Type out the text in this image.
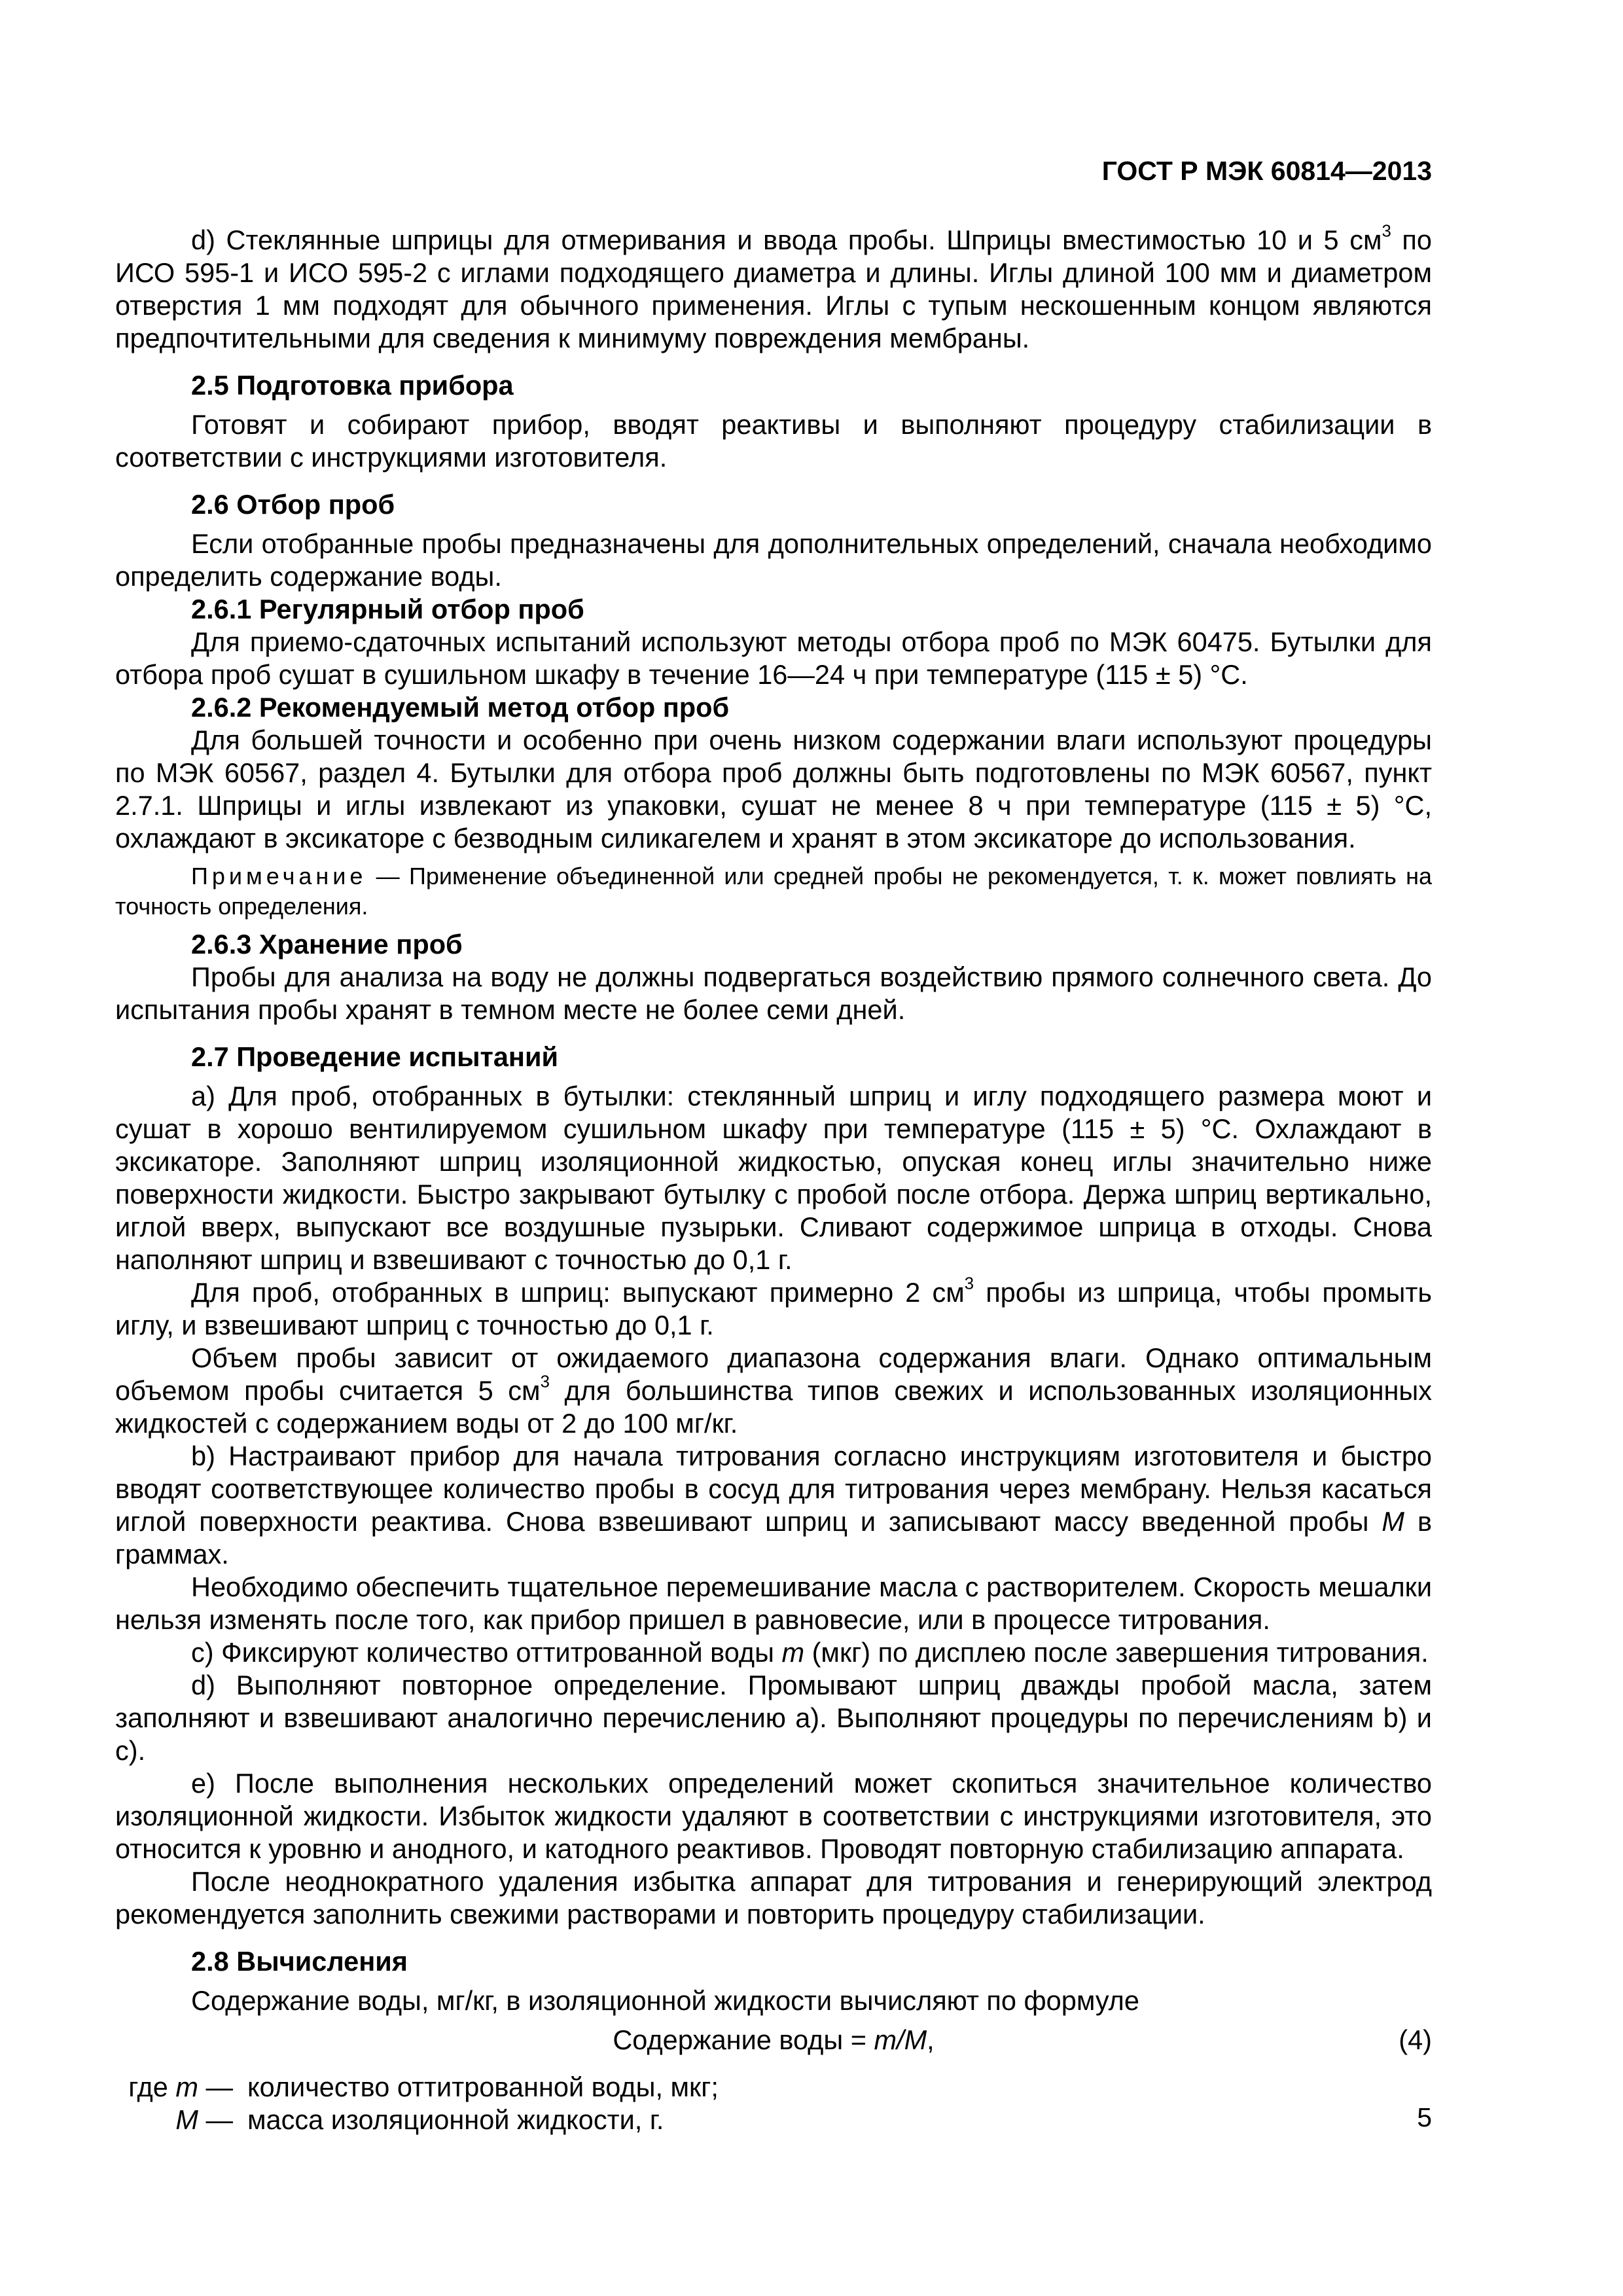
ГОСТ Р МЭК 60814—2013

d) Стеклянные шприцы для отмеривания и ввода пробы. Шприцы вместимостью 10 и 5 $см^3$ по ИСО 595-1 и ИСО 595-2 с иглами подходящего диаметра и длины. Иглы длиной 100 мм и диаметром отверстия 1 мм подходят для обычного применения. Иглы с тупым нескошенным концом являются предпочтительными для сведения к минимуму повреждения мембраны.

2.5 Подготовка прибора

Готовят и собирают прибор, вводят реактивы и выполняют процедуру стабилизации в соответствии с инструкциями изготовителя.

2.6 Отбор проб

Если отобранные пробы предназначены для дополнительных определений, сначала необходимо определить содержание воды.

2.6.1 Регулярный отбор проб

Для приемо-сдаточных испытаний используют методы отбора проб по МЭК 60475. Бутылки для отбора проб сушат в сушильном шкафу в течение 16—24 ч при температуре (115 ± 5) °С.

2.6.2 Рекомендуемый метод отбор проб

Для большей точности и особенно при очень низком содержании влаги используют процедуры по МЭК 60567, раздел 4. Бутылки для отбора проб должны быть подготовлены по МЭК 60567, пункт 2.7.1. Шприцы и иглы извлекают из упаковки, сушат не менее 8 ч при температуре (115 ± 5) °С, охлаждают в эксикаторе с безводным силикагелем и хранят в этом эксикаторе до использования.

Примечание — Применение объединенной или средней пробы не рекомендуется, т. к. может повлиять на точность определения.

2.6.3 Хранение проб

Пробы для анализа на воду не должны подвергаться воздействию прямого солнечного света. До испытания пробы хранят в темном месте не более семи дней.

2.7 Проведение испытаний

а) Для проб, отобранных в бутылки: стеклянный шприц и иглу подходящего размера моют и сушат в хорошо вентилируемом сушильном шкафу при температуре (115 ± 5) °С. Охлаждают в эксикаторе. Заполняют шприц изоляционной жидкостью, опуская конец иглы значительно ниже поверхности жидкости. Быстро закрывают бутылку с пробой после отбора. Держа шприц вертикально, иглой вверх, выпускают все воздушные пузырьки. Сливают содержимое шприца в отходы. Снова наполняют шприц и взвешивают с точностью до 0,1 г.

Для проб, отобранных в шприц: выпускают примерно 2 $см^3$ пробы из шприца, чтобы промыть иглу, и взвешивают шприц с точностью до 0,1 г.

Объем пробы зависит от ожидаемого диапазона содержания влаги. Однако оптимальным объемом пробы считается 5 $см^3$ для большинства типов свежих и использованных изоляционных жидкостей с содержанием воды от 2 до 100 мг/кг.

b) Настраивают прибор для начала титрования согласно инструкциям изготовителя и быстро вводят соответствующее количество пробы в сосуд для титрования через мембрану. Нельзя касаться иглой поверхности реактива. Снова взвешивают шприц и записывают массу введенной пробы М в граммах.

Необходимо обеспечить тщательное перемешивание масла с растворителем. Скорость мешалки нельзя изменять после того, как прибор пришел в равновесие, или в процессе титрования.

с) Фиксируют количество оттитрованной воды m (мкг) по дисплею после завершения титрования.

d) Выполняют повторное определение. Промывают шприц дважды пробой масла, затем заполняют и взвешивают аналогично перечислению а). Выполняют процедуры по перечислениям b) и с).

е) После выполнения нескольких определений может скопиться значительное количество изоляционной жидкости. Избыток жидкости удаляют в соответствии с инструкциями изготовителя, это относится к уровню и анодного, и катодного реактивов. Проводят повторную стабилизацию аппарата.

После неоднократного удаления избытка аппарат для титрования и генерирующий электрод рекомендуется заполнить свежими растворами и повторить процедуру стабилизации.

2.8 Вычисления

Содержание воды, мг/кг, в изоляционной жидкости вычисляют по формуле

Содержание воды = m/M,	(4)
где m — количество оттитрованной воды, мкг;
М — масса изоляционной жидкости, г.	5
